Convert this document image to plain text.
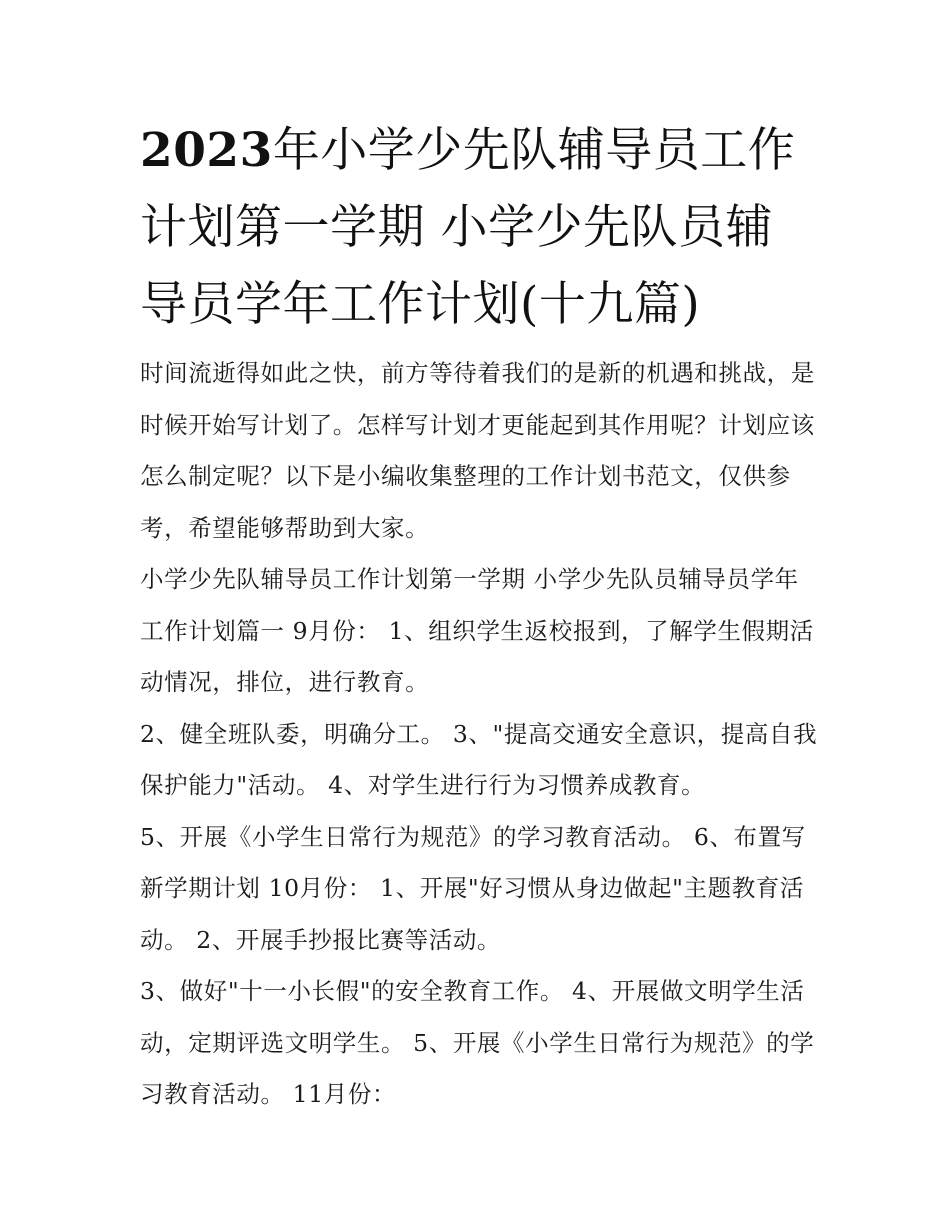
2023年小学少先队辅导员工作计划第一学期 小学少先队员辅导员学年工作计划(十九篇)

时间流逝得如此之快，前方等待着我们的是新的机遇和挑战，是时候开始写计划了。怎样写计划才更能起到其作用呢？计划应该怎么制定呢？以下是小编收集整理的工作计划书范文，仅供参考，希望能够帮助到大家。

小学少先队辅导员工作计划第一学期 小学少先队员辅导员学年工作计划篇一 9月份： 1、组织学生返校报到，了解学生假期活动情况，排位，进行教育。

2、健全班队委，明确分工。 3、"提高交通安全意识，提高自我保护能力"活动。 4、对学生进行行为习惯养成教育。

5、开展《小学生日常行为规范》的学习教育活动。 6、布置写新学期计划 10月份： 1、开展"好习惯从身边做起"主题教育活动。 2、开展手抄报比赛等活动。

3、做好"十一小长假"的安全教育工作。 4、开展做文明学生活动，定期评选文明学生。 5、开展《小学生日常行为规范》的学习教育活动。 11月份：
